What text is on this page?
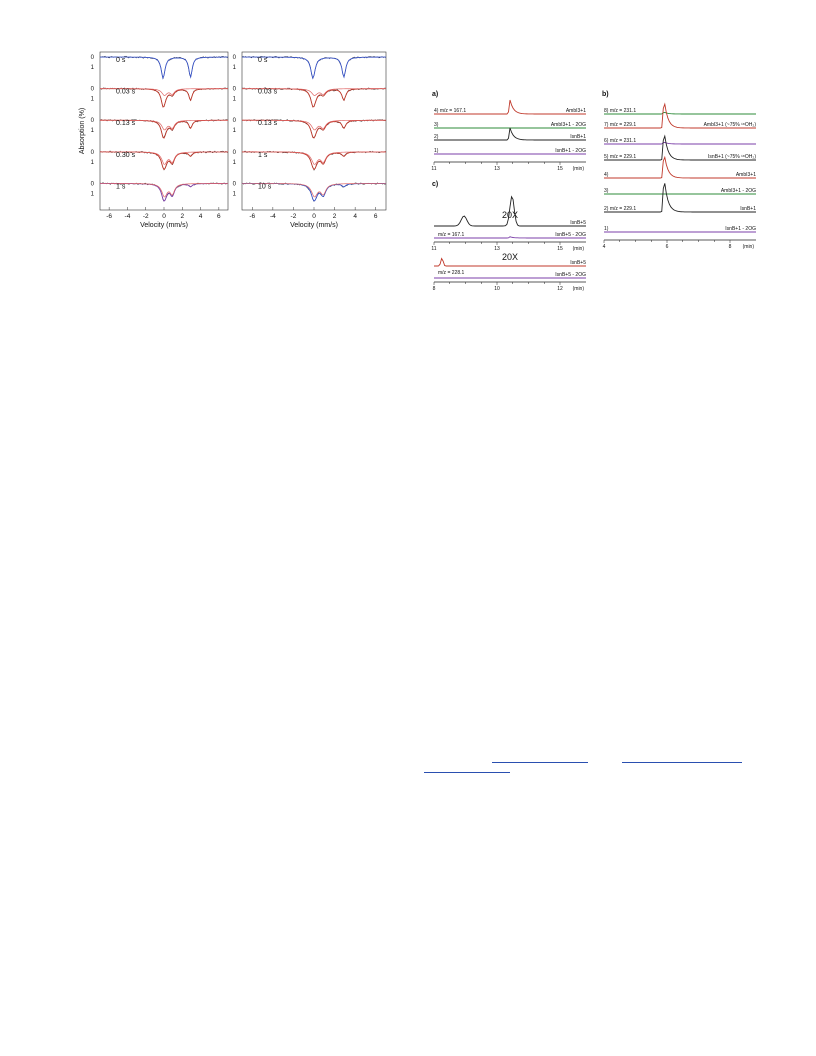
0
1
0 s
0
1
0.03 s
0
1
0.13 s
0
1
0.30 s
0
1
1 s
-6 -4 -2 0 2 4 6
Velocity (mm/s)
Absorption (%)
0
1
0 s
0
1
0.03 s
0
1
0.13 s
0
1
1 s
0
1
10 s
-6 -4 -2 0	2	4	6
Velocity (mm/s)
a)
4) m/z = 167.1	AmbI3+1
3)	AmbI3+1 - 2OG
2)	IsnB+1
1)	IsnB+1 - 2OG
11	13	15 (min)
c)
20X
IsnB+5
m/z = 167.1	IsnB+5 - 2OG
11	13	15 (min)
20X
IsnB+5
m/z = 228.1	IsnB+5 - 2OG
8	10	12 (min)
b)
8) m/z = 231.1
7) m/z = 229.1	AmbI3+1 (~75% ¹⁸OH₂)
6) m/z = 231.1
5) m/z = 229.1	IsnB+1 (~75% ¹⁸OH₂)
4)	AmbI3+1
3)	AmbI3+1 - 2OG
2) m/z = 229.1	IsnB+1
1)	IsnB+1 - 2OG
4	6	8 (min)
